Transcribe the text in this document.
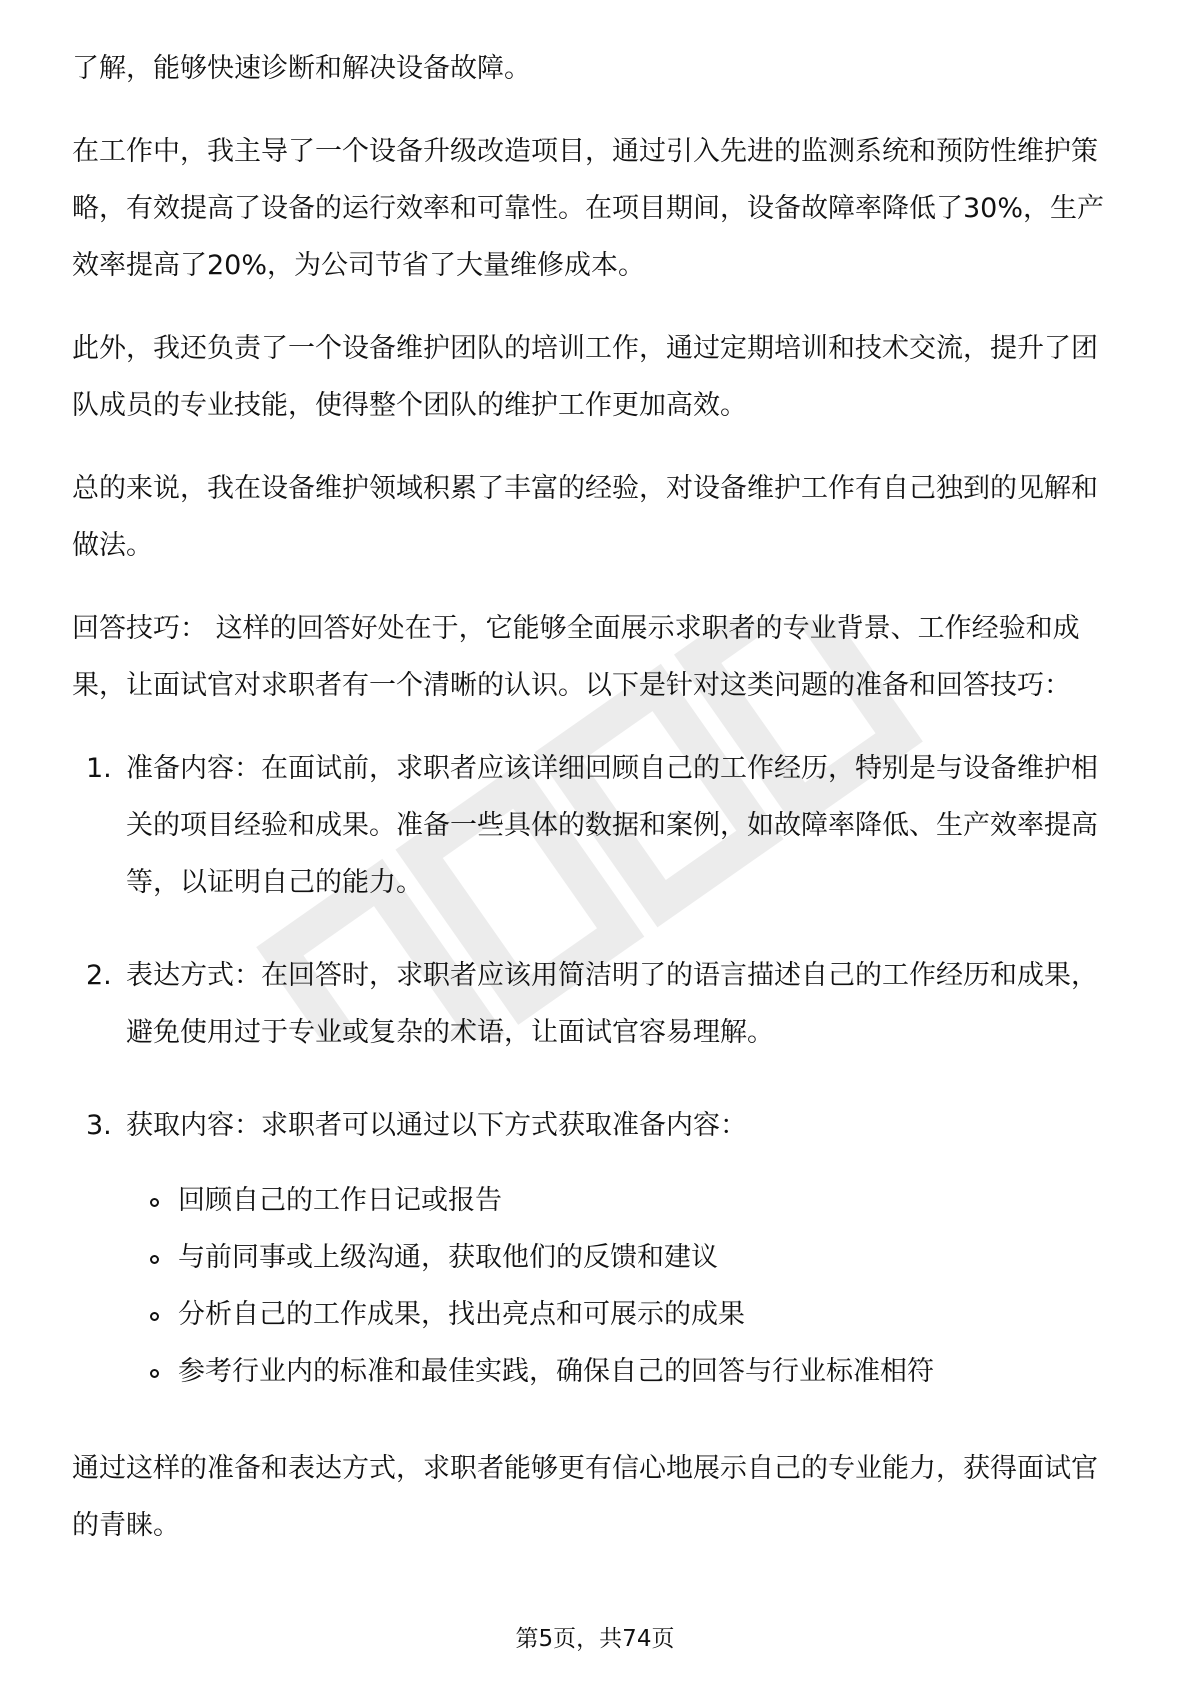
了解，能够快速诊断和解决设备故障。

在工作中，我主导了一个设备升级改造项目，通过引入先进的监测系统和预防性维护策略，有效提高了设备的运行效率和可靠性。在项目期间，设备故障率降低了30%，生产效率提高了20%，为公司节省了大量维修成本。

此外，我还负责了一个设备维护团队的培训工作，通过定期培训和技术交流，提升了团队成员的专业技能，使得整个团队的维护工作更加高效。

总的来说，我在设备维护领域积累了丰富的经验，对设备维护工作有自己独到的见解和做法。

回答技巧： 这样的回答好处在于，它能够全面展示求职者的专业背景、工作经验和成果，让面试官对求职者有一个清晰的认识。以下是针对这类问题的准备和回答技巧：

1. 准备内容：在面试前，求职者应该详细回顾自己的工作经历，特别是与设备维护相关的项目经验和成果。准备一些具体的数据和案例，如故障率降低、生产效率提高等，以证明自己的能力。
2. 表达方式：在回答时，求职者应该用简洁明了的语言描述自己的工作经历和成果，避免使用过于专业或复杂的术语，让面试官容易理解。
3. 获取内容：求职者可以通过以下方式获取准备内容：
回顾自己的工作日记或报告
与前同事或上级沟通，获取他们的反馈和建议
分析自己的工作成果，找出亮点和可展示的成果
参考行业内的标准和最佳实践，确保自己的回答与行业标准相符

通过这样的准备和表达方式，求职者能够更有信心地展示自己的专业能力，获得面试官的青睐。

第5页，共74页
